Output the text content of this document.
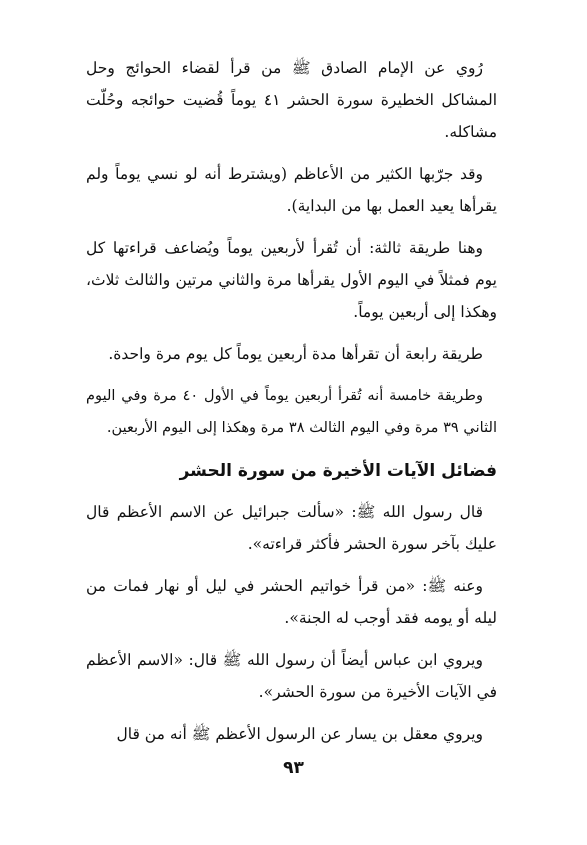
رُوي عن الإمام الصادق ﷺ من قرأ لقضاء الحوائج وحل المشاكل الخطيرة سورة الحشر ٤١ يوماً قُضيت حوائجه وحُلّت مشاكله.

وقد جرّبها الكثير من الأعاظم (ويشترط أنه لو نسي يوماً ولم يقرأها يعيد العمل بها من البداية).

وهنا طريقة ثالثة: أن تُقرأ لأربعين يوماً ويُضاعف قراءتها كل يوم فمثلاً في اليوم الأول يقرأها مرة والثاني مرتين والثالث ثلاث، وهكذا إلى أربعين يوماً.

طريقة رابعة أن تقرأها مدة أربعين يوماً كل يوم مرة واحدة.

وطريقة خامسة أنه تُقرأ أربعين يوماً في الأول ٤٠ مرة وفي اليوم الثاني ٣٩ مرة وفي اليوم الثالث ٣٨ مرة وهكذا إلى اليوم الأربعين.

فضائل الآيات الأخيرة من سورة الحشر

قال رسول الله ﷺ: «سألت جبرائيل عن الاسم الأعظم قال عليك بآخر سورة الحشر فأكثر قراءته».

وعنه ﷺ: «من قرأ خواتيم الحشر في ليل أو نهار فمات من ليله أو يومه فقد أوجب له الجنة».

ويروي ابن عباس أيضاً أن رسول الله ﷺ قال: «الاسم الأعظم في الآيات الأخيرة من سورة الحشر».

ويروي معقل بن يسار عن الرسول الأعظم ﷺ أنه من قال

٩٣
